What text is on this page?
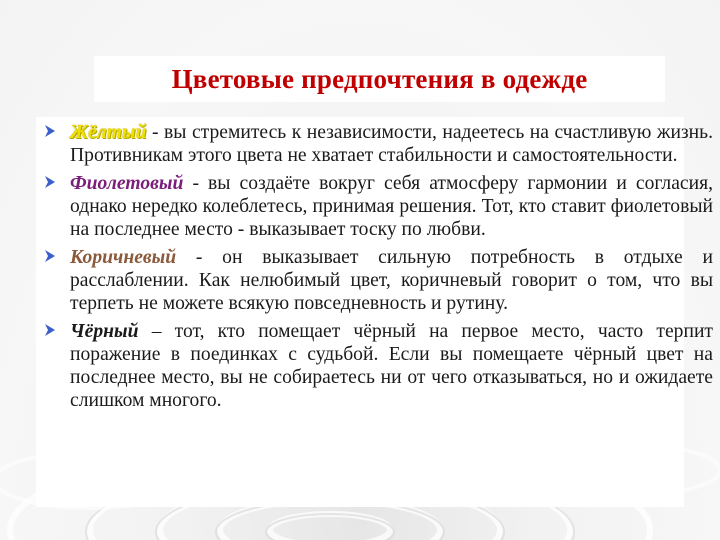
Цветовые предпочтения в одежде
Жёлтый - вы стремитесь к независимости, надеетесь на счастливую жизнь. Противникам этого цвета не хватает стабильности и самостоятельности.
Фиолетовый - вы создаёте вокруг себя атмосферу гармонии и согласия, однако нередко колеблетесь, принимая решения. Тот, кто ставит фиолетовый на последнее место - выказывает тоску по любви.
Коричневый - он выказывает сильную потребность в отдыхе и расслаблении. Как нелюбимый цвет, коричневый говорит о том, что вы терпеть не можете всякую повседневность и рутину.
Чёрный – тот, кто помещает чёрный на первое место, часто терпит поражение в поединках с судьбой. Если вы помещаете чёрный цвет на последнее место, вы не собираетесь ни от чего отказываться, но и ожидаете слишком многого.
